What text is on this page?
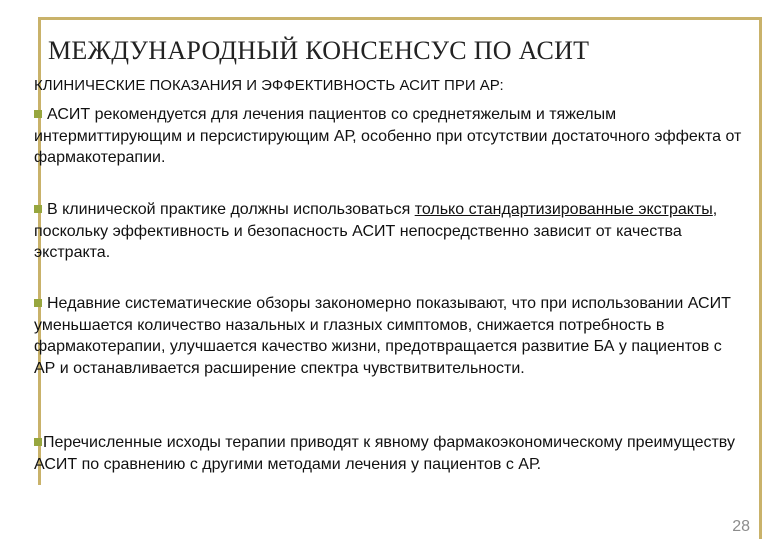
МЕЖДУНАРОДНЫЙ КОНСЕНСУС ПО АСИТ
КЛИНИЧЕСКИЕ ПОКАЗАНИЯ И ЭФФЕКТИВНОСТЬ АСИТ ПРИ АР:
АСИТ рекомендуется для лечения пациентов со среднетяжелым и тяжелым интермиттирующим и персистирующим АР, особенно при отсутствии достаточного эффекта от фармакотерапии.
В клинической практике должны использоваться только стандартизированные экстракты, поскольку эффективность и безопасность АСИТ непосредственно зависит от качества экстракта.
Недавние систематические обзоры закономерно показывают, что при использовании АСИТ уменьшается количество назальных и глазных симптомов, снижается потребность в фармакотерапии, улучшается качество жизни, предотвращается развитие БА у пациентов с АР и останавливается расширение спектра чувствитвительности.
Перечисленные исходы терапии приводят к явному фармакоэкономическому преимуществу АСИТ по сравнению с другими методами лечения у пациентов с АР.
28
